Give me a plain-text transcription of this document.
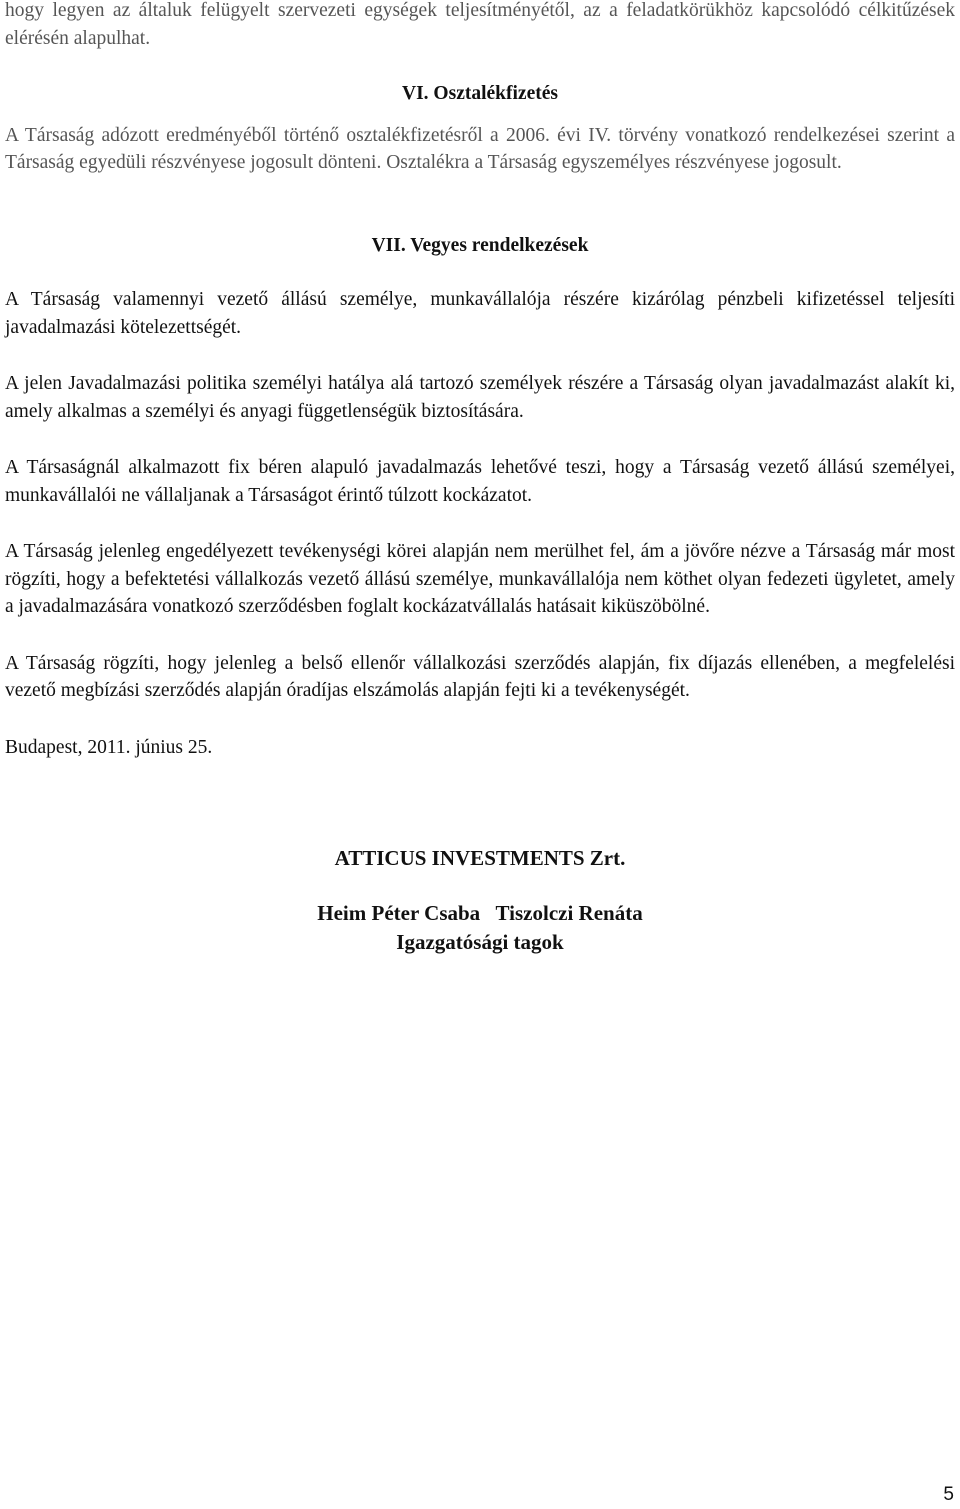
hogy legyen az általuk felügyelt szervezeti egységek teljesítményétől, az a feladatkörükhöz kapcsolódó célkitűzések elérésén alapulhat.

VI. Osztalékfizetés

A Társaság adózott eredményéből történő osztalékfizetésről a 2006. évi IV. törvény vonatkozó rendelkezései szerint a Társaság egyedüli részvényese jogosult dönteni. Osztalékra a Társaság egyszemélyes részvényese jogosult.

VII. Vegyes rendelkezések

A Társaság valamennyi vezető állású személye, munkavállalója részére kizárólag pénzbeli kifizetéssel teljesíti javadalmazási kötelezettségét.

A jelen Javadalmazási politika személyi hatálya alá tartozó személyek részére a Társaság olyan javadalmazást alakít ki, amely alkalmas a személyi és anyagi függetlenségük biztosítására.

A Társaságnál alkalmazott fix béren alapuló javadalmazás lehetővé teszi, hogy a Társaság vezető állású személyei, munkavállalói ne vállaljanak a Társaságot érintő túlzott kockázatot.

A Társaság jelenleg engedélyezett tevékenységi körei alapján nem merülhet fel, ám a jövőre nézve a Társaság már most rögzíti, hogy a befektetési vállalkozás vezető állású személye, munkavállalója nem köthet olyan fedezeti ügyletet, amely a javadalmazására vonatkozó szerződésben foglalt kockázatvállalás hatásait kiküszöbölné.

A Társaság rögzíti, hogy jelenleg a belső ellenőr vállalkozási szerződés alapján, fix díjazás ellenében, a megfelelési vezető megbízási szerződés alapján óradíjas elszámolás alapján fejti ki a tevékenységét.

Budapest, 2011. június 25.

ATTICUS INVESTMENTS Zrt.
Heim Péter Csaba   Tiszolczi Renáta
Igazgatósági tagok
5
